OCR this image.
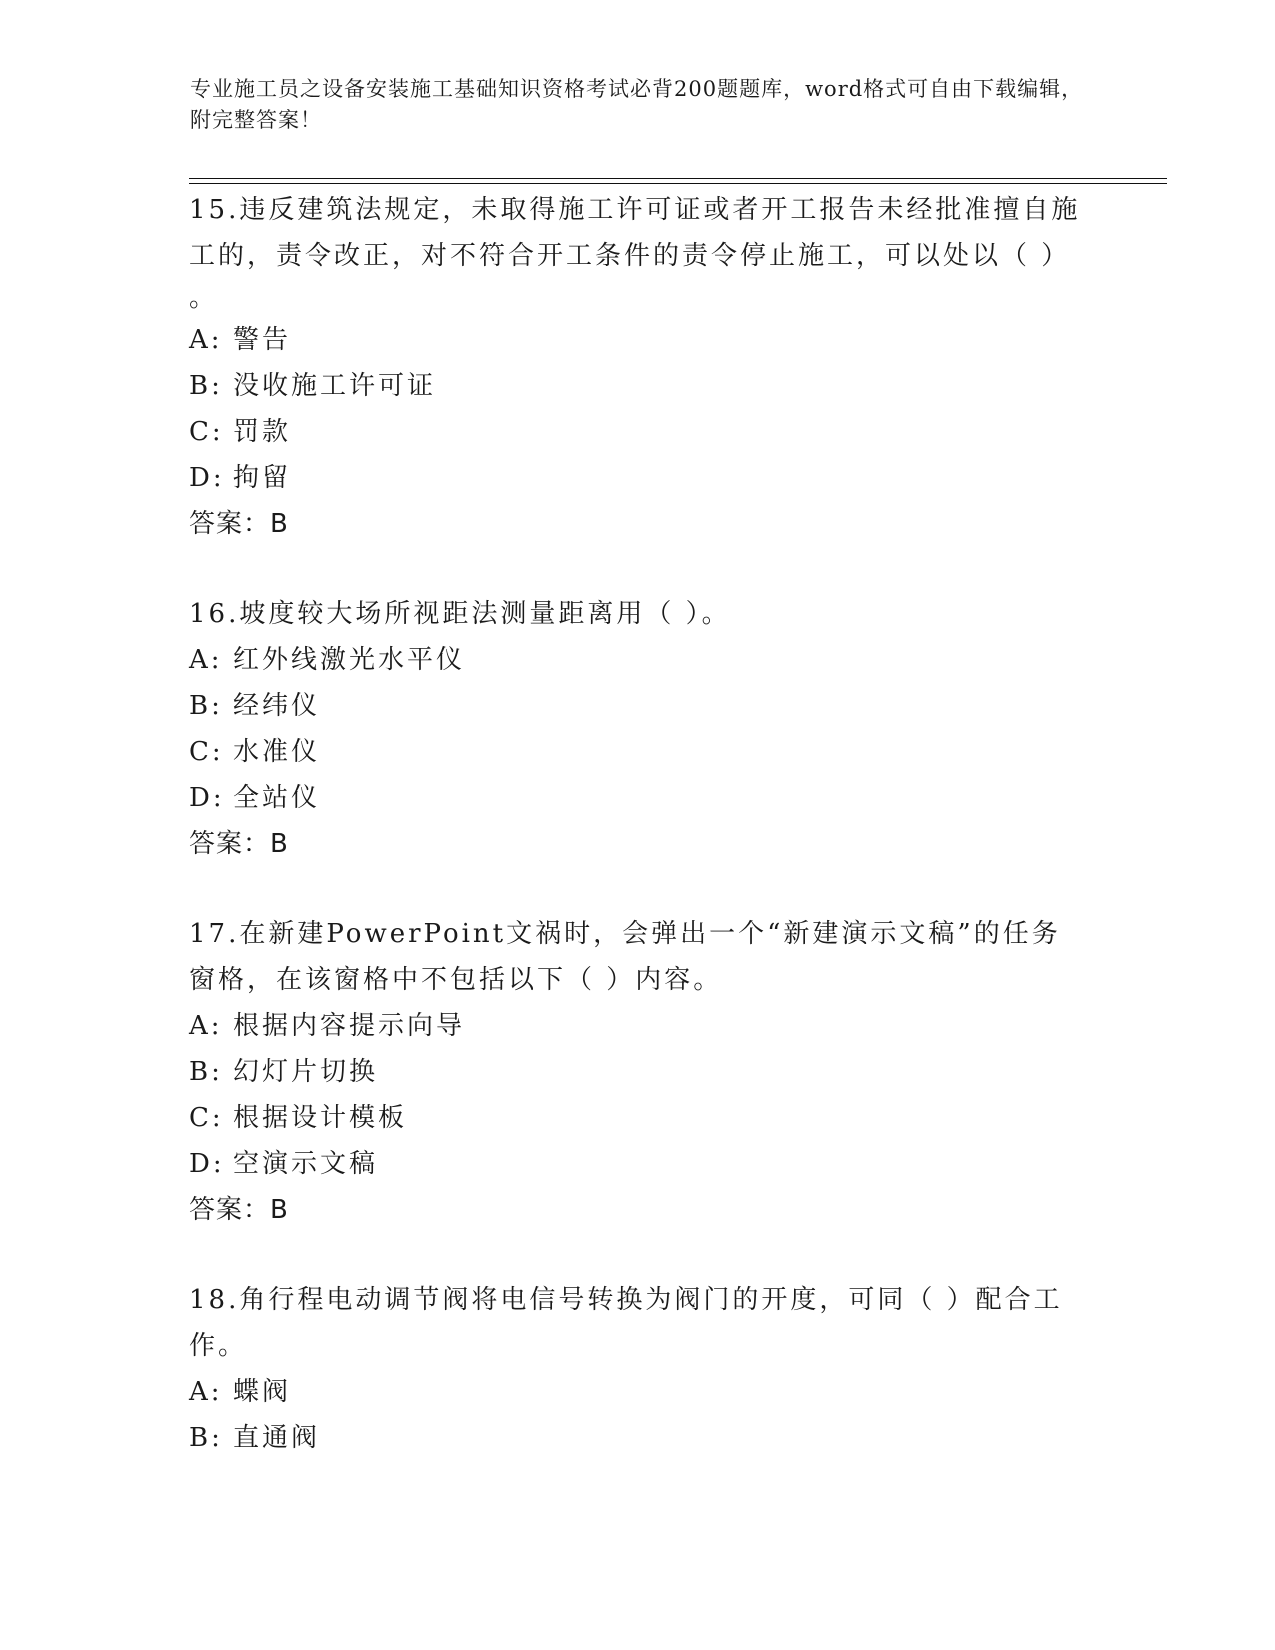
专业施工员之设备安装施工基础知识资格考试必背200题题库，word格式可自由下载编辑，附完整答案！

15.违反建筑法规定，未取得施工许可证或者开工报告未经批准擅自施工的，责令改正，对不符合开工条件的责令停止施工，可以处以（ ）
。

A: 警告

B: 没收施工许可证

C: 罚款

D: 拘留

答案：B

16.坡度较大场所视距法测量距离用（ ）。

A: 红外线激光水平仪

B: 经纬仪

C: 水准仪

D: 全站仪

答案：B

17.在新建PowerPoint文祸时，会弹出一个“新建演示文稿”的任务窗格，在该窗格中不包括以下（ ）内容。

A: 根据内容提示向导

B: 幻灯片切换

C: 根据设计模板

D: 空演示文稿

答案：B

18.角行程电动调节阀将电信号转换为阀门的开度，可同（ ）配合工作。

A: 蝶阀

B: 直通阀
